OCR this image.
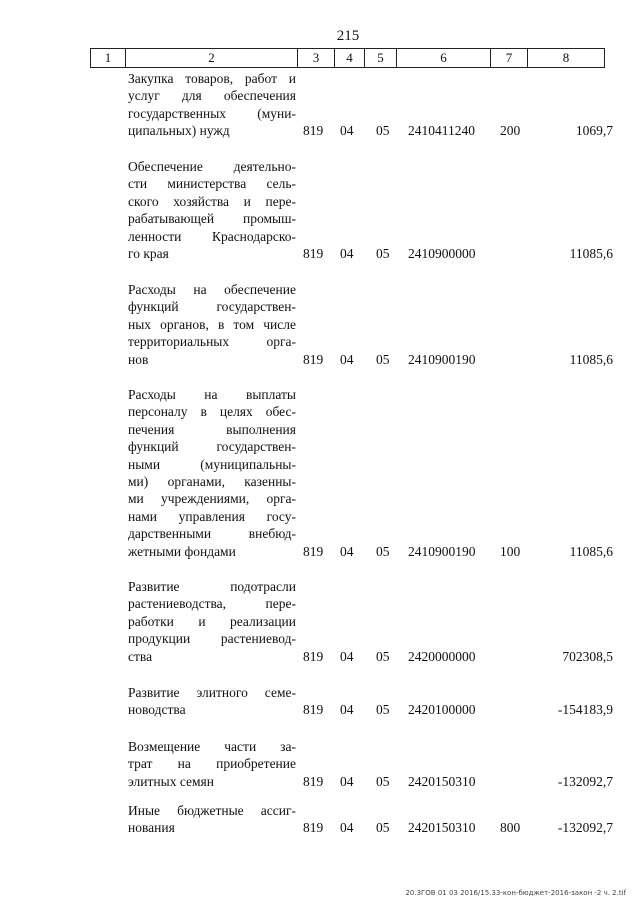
215
1	2	3	4	5	6	7	8
Закупка товаров, работ и
услуг для обеспечения
государственных (муни-
ципальных) нужд	819 04 05 2410411240 200	1069,7
Обеспечение деятельно-
сти министерства сель-
ского хозяйства и пере-
рабатывающей промыш-
ленности Краснодарско-
го края	819 04 05 2410900000	11085,6
Расходы на обеспечение
функций государствен-
ных органов, в том числе
территориальных орга-
нов	819 04 05 2410900190	11085,6
Расходы на выплаты
персоналу в целях обес-
печения выполнения
функций государствен-
ными (муниципальны-
ми) органами, казенны-
ми учреждениями, орга-
нами управления госу-
дарственными внебюд-
жетными фондами	819 04 05 2410900190 100	11085,6
Развитие подотрасли
растениеводства, пере-
работки и реализации
продукции растениевод-
ства	819 04 05 2420000000	702308,5
Развитие элитного семе-
новодства	819 04 05 2420100000	-154183,9
Возмещение части за-
трат на приобретение
элитных семян	819 04 05 2420150310	-132092,7
Иные бюджетные ассиг-
нования	819 04 05 2420150310 800	-132092,7
20.3ГОВ 01 03 2016/15.33-кон-бюджет-2016-закон -2 ч. 2.tif
